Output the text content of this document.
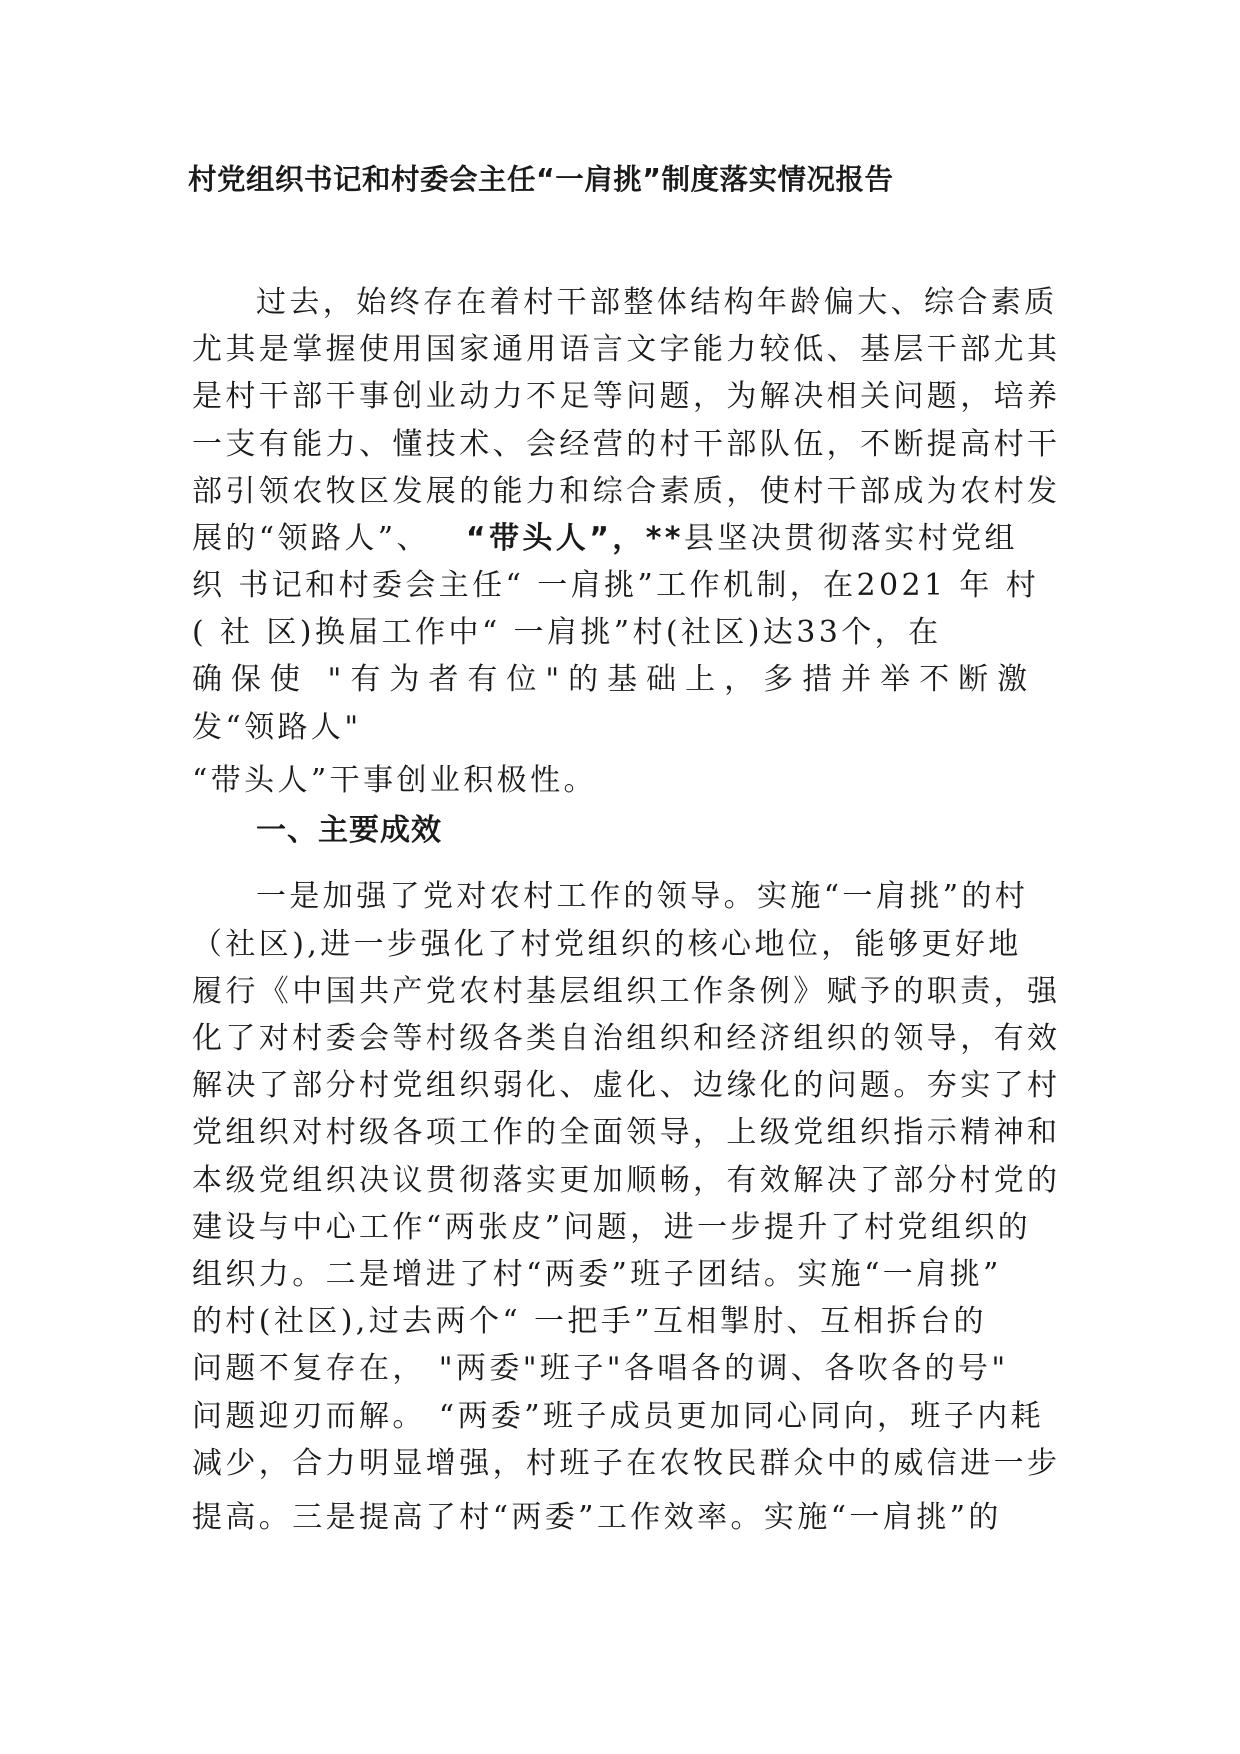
村党组织书记和村委会主任“一肩挑”制度落实情况报告
过去，始终存在着村干部整体结构年龄偏大、综合素质
尤其是掌握使用国家通用语言文字能力较低、基层干部尤其
是村干部干事创业动力不足等问题，为解决相关问题，培养
一支有能力、懂技术、会经营的村干部队伍，不断提高村干
部引领农牧区发展的能力和综合素质，使村干部成为农村发
展的“领路人”、 “带头人”，**县坚决贯彻落实村党组
织 书记和村委会主任“ 一肩挑”工作机制，在2021 年 村
( 社 区)换届工作中“ 一肩挑”村(社区)达33个，在
确保使 "有为者有位"的基础上，多措并举不断激
发“领路人"
“带头人”干事创业积极性。
一、主要成效
一是加强了党对农村工作的领导。实施“一肩挑”的村
（社区),进一步强化了村党组织的核心地位，能够更好地
履行《中国共产党农村基层组织工作条例》赋予的职责，强
化了对村委会等村级各类自治组织和经济组织的领导，有效
解决了部分村党组织弱化、虚化、边缘化的问题。夯实了村
党组织对村级各项工作的全面领导，上级党组织指示精神和
本级党组织决议贯彻落实更加顺畅，有效解决了部分村党的
建设与中心工作“两张皮”问题，进一步提升了村党组织的
组织力。二是增进了村“两委”班子团结。实施“一肩挑”
的村(社区),过去两个“ 一把手”互相掣肘、互相拆台的
问题不复存在， "两委"班子"各唱各的调、各吹各的号"
问题迎刃而解。 “两委”班子成员更加同心同向，班子内耗
减少，合力明显增强，村班子在农牧民群众中的威信进一步
提高。三是提高了村“两委”工作效率。实施“一肩挑”的
